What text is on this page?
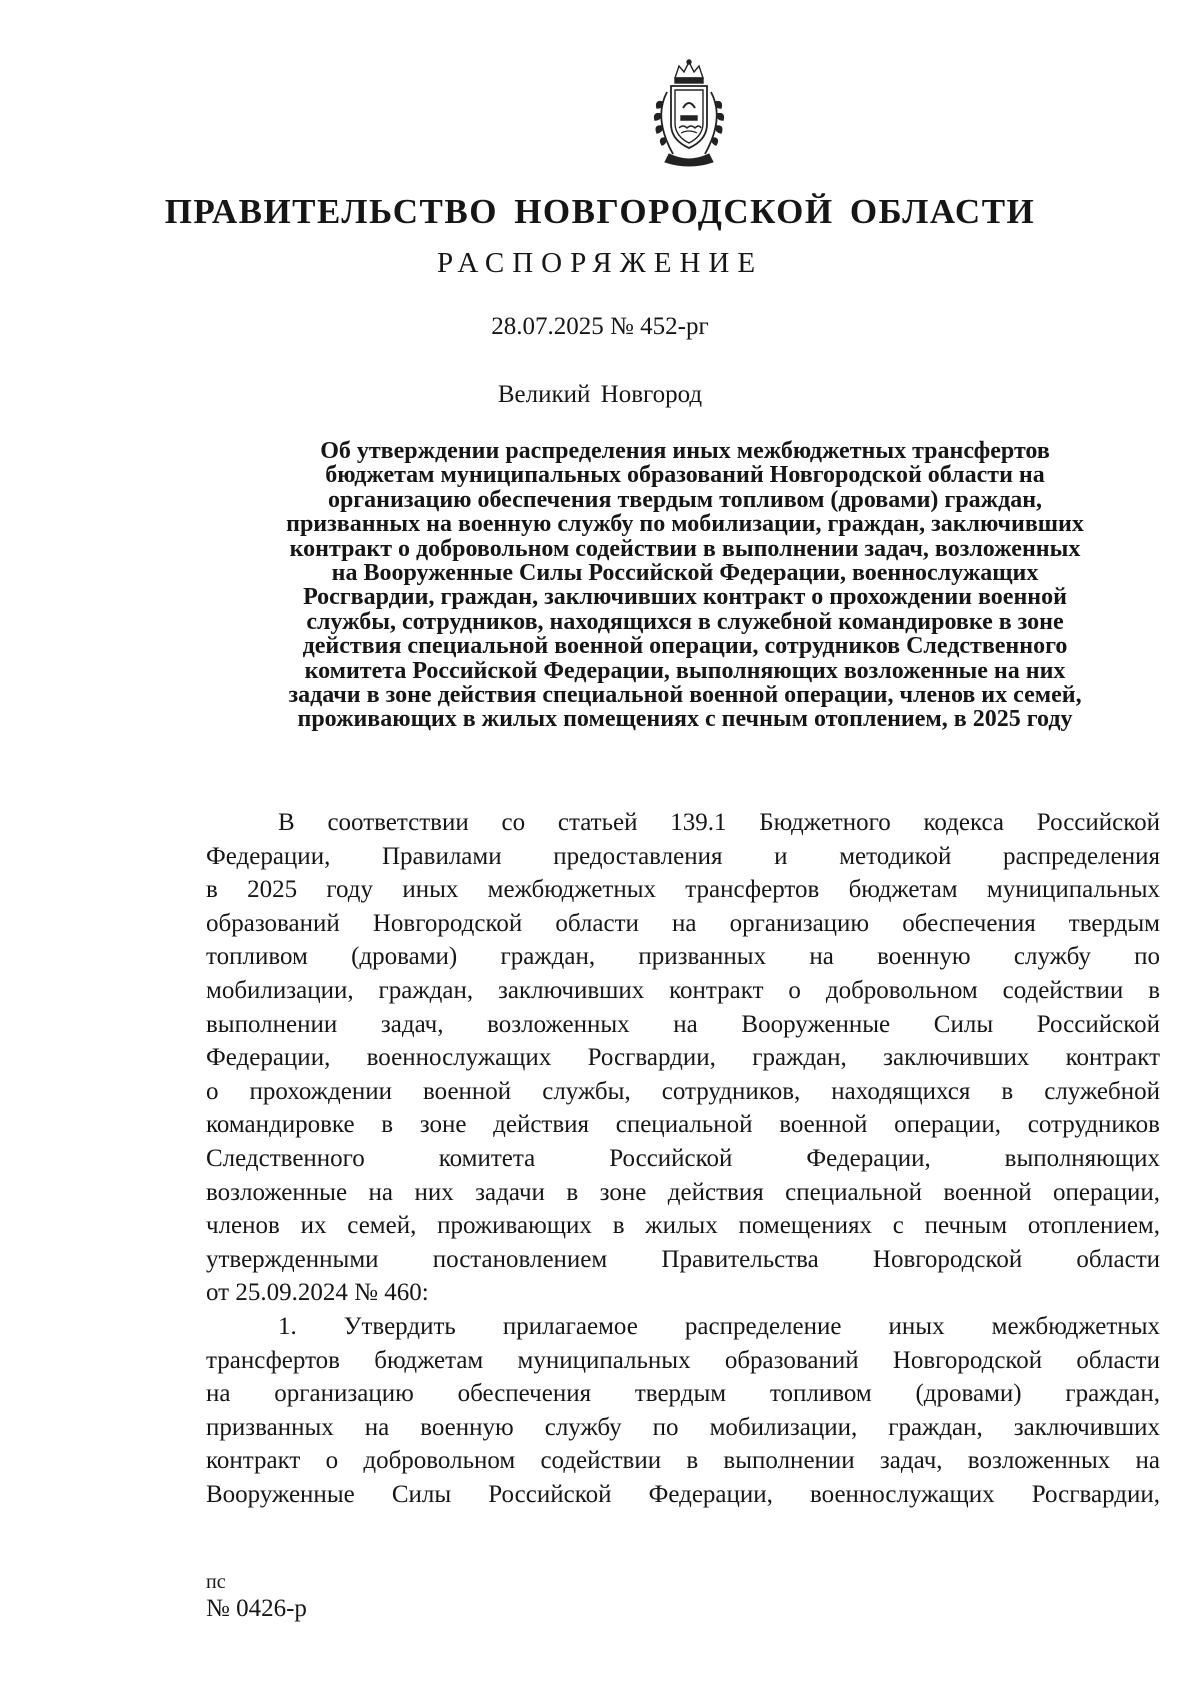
ПРАВИТЕЛЬСТВО НОВГОРОДСКОЙ ОБЛАСТИ
РАСПОРЯЖЕНИЕ
28.07.2025 № 452-рг
Великий Новгород
Об утверждении распределения иных межбюджетных трансфертов
бюджетам муниципальных образований Новгородской области на
организацию обеспечения твердым топливом (дровами) граждан,
призванных на военную службу по мобилизации, граждан, заключивших
контракт о добровольном содействии в выполнении задач, возложенных
на Вооруженные Силы Российской Федерации, военнослужащих
Росгвардии, граждан, заключивших контракт о прохождении военной
службы, сотрудников, находящихся в служебной командировке в зоне
действия специальной военной операции, сотрудников Следственного
комитета Российской Федерации, выполняющих возложенные на них
задачи в зоне действия специальной военной операции, членов их семей,
проживающих в жилых помещениях с печным отоплением, в 2025 году

В соответствии со статьей 139.1 Бюджетного кодекса Российской

Федерации, Правилами предоставления и методикой распределения

в 2025 году иных межбюджетных трансфертов бюджетам муниципальных

образований Новгородской области на организацию обеспечения твердым

топливом (дровами) граждан, призванных на военную службу по

мобилизации, граждан, заключивших контракт о добровольном содействии в

выполнении задач, возложенных на Вооруженные Силы Российской

Федерации, военнослужащих Росгвардии, граждан, заключивших контракт

о прохождении военной службы, сотрудников, находящихся в служебной

командировке в зоне действия специальной военной операции, сотрудников

Следственного комитета Российской Федерации, выполняющих

возложенные на них задачи в зоне действия специальной военной операции,

членов их семей, проживающих в жилых помещениях с печным отоплением,

утвержденными постановлением Правительства Новгородской области

от 25.09.2024 № 460:

1. Утвердить прилагаемое распределение иных межбюджетных

трансфертов бюджетам муниципальных образований Новгородской области

на организацию обеспечения твердым топливом (дровами) граждан,

призванных на военную службу по мобилизации, граждан, заключивших

контракт о добровольном содействии в выполнении задач, возложенных на

Вооруженные Силы Российской Федерации, военнослужащих Росгвардии,

пс
№ 0426-р
